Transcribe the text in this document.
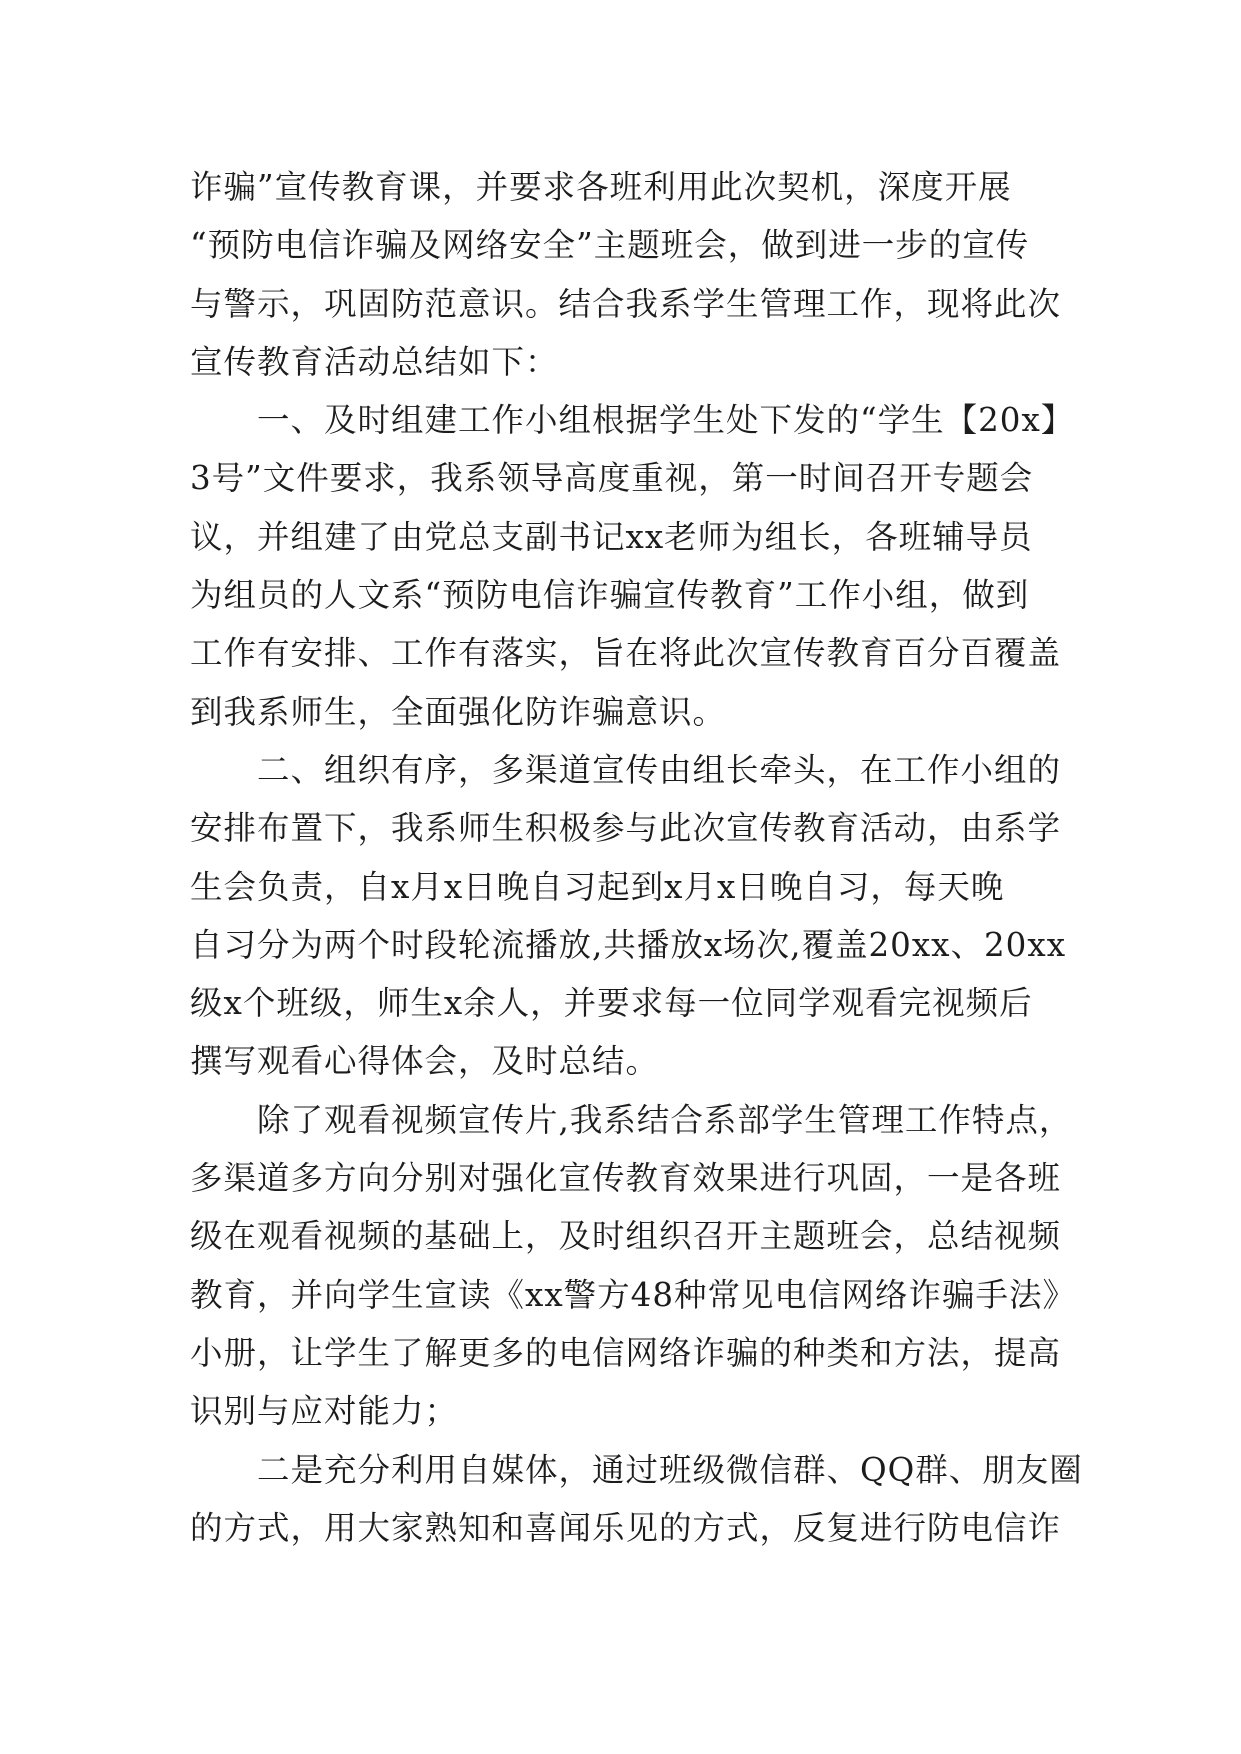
诈骗”宣传教育课，并要求各班利用此次契机，深度开展
“预防电信诈骗及网络安全”主题班会，做到进一步的宣传
与警示，巩固防范意识。结合我系学生管理工作，现将此次
宣传教育活动总结如下：
　　一、及时组建工作小组根据学生处下发的“学生【20x】
3号”文件要求，我系领导高度重视，第一时间召开专题会
议，并组建了由党总支副书记xx老师为组长，各班辅导员
为组员的人文系“预防电信诈骗宣传教育”工作小组，做到
工作有安排、工作有落实，旨在将此次宣传教育百分百覆盖
到我系师生，全面强化防诈骗意识。
　　二、组织有序，多渠道宣传由组长牵头，在工作小组的
安排布置下，我系师生积极参与此次宣传教育活动，由系学
生会负责，自x月x日晚自习起到x月x日晚自习，每天晚
自习分为两个时段轮流播放,共播放x场次,覆盖20xx、20xx
级x个班级，师生x余人，并要求每一位同学观看完视频后
撰写观看心得体会，及时总结。
　　除了观看视频宣传片,我系结合系部学生管理工作特点，
多渠道多方向分别对强化宣传教育效果进行巩固，一是各班
级在观看视频的基础上，及时组织召开主题班会，总结视频
教育，并向学生宣读《xx警方48种常见电信网络诈骗手法》
小册，让学生了解更多的电信网络诈骗的种类和方法，提高
识别与应对能力；
　　二是充分利用自媒体，通过班级微信群、QQ群、朋友圈
的方式，用大家熟知和喜闻乐见的方式，反复进行防电信诈
